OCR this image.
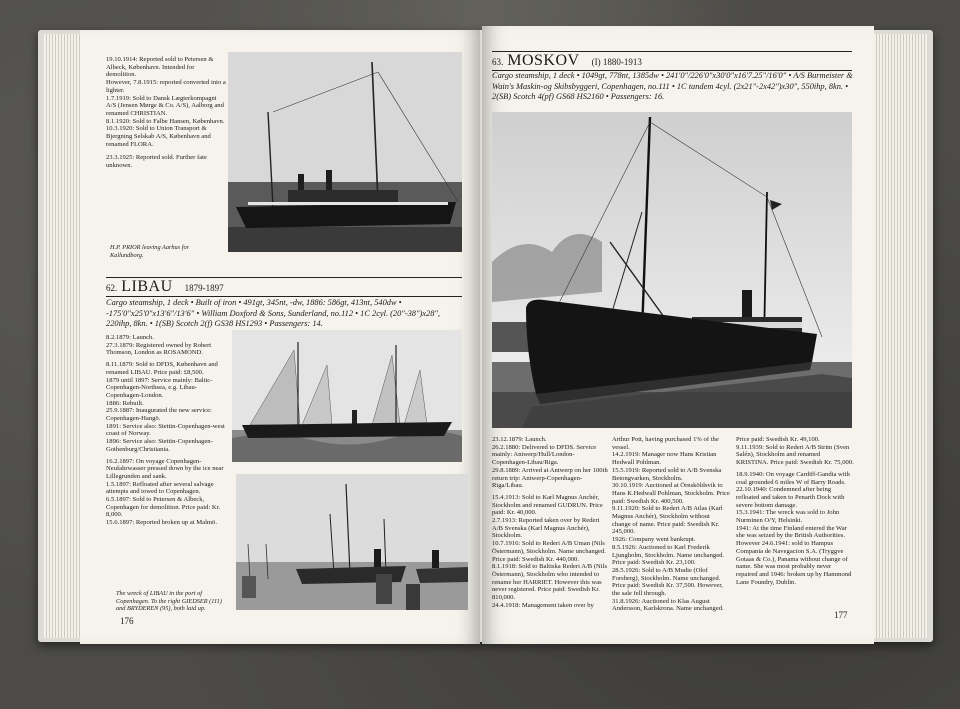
19.10.1914: Reported sold to Petersen & Albeck, København. Intended for demolition.

However, 7.8.1915: reported converted into a lighter.

1.7.1919: Sold to Dansk Lægterkompagni A/S (Jensen Mørge & Co. A/S), Aalborg and renamed CHRISTIAN.

8.1.1920: Sold to Falbe Hansen, København.

10.3.1920: Sold to Union Transport & Bjergning Selskab A/S, København and renamed FLORA.

23.3.1925: Reported sold. Further fate unknown.

H.P. PRIOR leaving Aarhus for Kallundborg.
62. LIBAU 1879-1897
Cargo steamship, 1 deck • Built of iron • 491gt, 345nt, -dw, 1886: 586gt, 413nt, 540dw • -175'0"x25'0"x13'6"/13'6" • William Doxford & Sons, Sunderland, no.112 • 1C 2cyl. (20"-38")x28", 220ihp, 8kn. • 1(SB) Scotch 2(f) GS38 HS1293 • Passengers: 14.

8.2.1879: Launch.

27.3.1879: Registered owned by Robert Thomson, London as ROSAMOND.

8.11.1879: Sold to DFDS, København and renamed LIBAU. Price paid: £8,500.

1879 until 1897: Service mainly: Baltic-Copenhagen-Northsea, e.g. Libau-Copenhagen-London.

1886: Rebuilt.

25.9.1887: Inaugurated the new service: Copenhagen-Hangö.

1891: Service also: Stettin-Copenhagen-west coast of Norway.

1896: Service also: Stettin-Copenhagen-Gothenburg/Christiania.

16.2.1897: On voyage Copenhagen-Neufahrwasser pressed down by the ice near Lillegrunden and sank.

1.5.1897: Refloated after several salvage attempts and towed to Copenhagen.

6.5.1897: Sold to Petersen & Albeck, Copenhagen for demolition. Price paid: Kr. 8,000.

15.6.1897: Reported broken up at Malmö.

The wreck of LIBAU in the port of Copenhagen. To the right GIEDSER (111) and BRYDEREN (95), both laid up.
176
63. MOSKOV (I) 1880-1913
Cargo steamship, 1 deck • 1049gt, 778nt, 1385dw • 241'0"/226'0"x30'0"x16'7.25"/16'0" • A/S Burmeister & Wain's Maskin-og Skibsbyggeri, Copenhagen, no.111 • 1C tandem 4cyl. (2x21"-2x42")x30", 550ihp, 8kn. • 2(SB) Scotch 4(pf) GS68 HS2160 • Passengers: 16.

23.12.1879: Launch.

26.2.1880: Delivered to DFDS. Service mainly: Antwerp/Hull/London-Copenhagen-Libau/Riga.

29.8.1889: Arrived at Antwerp on her 100th return trip: Antwerp-Copenhagen-Riga/Libau.

15.4.1913: Sold to Karl Magnus Anchér, Stockholm and renamed GUDRUN. Price paid: Kr. 40,000.

2.7.1913: Reported taken over by Rederi A/B Svenska (Karl Magnus Anchér), Stockholm.

10.7.1916: Sold to Rederi A/B Uman (Nils Östermann), Stockholm. Name unchanged. Price paid: Swedish Kr. 440,000.

8.1.1918: Sold to Baltiska Rederi A/B (Nils Östermann), Stockholm who intended to rename her HARRIET. However this was never registered. Price paid: Swedish Kr. 810,000.

24.4.1918: Management taken over by

Arthur Pott, having purchased 1% of the vessel.

14.2.1919: Manager now Hans Kristian Hedwall Pohlman.

15.5.1919: Reported sold to A/B Svenska Betongvarken, Stockholm.

30.10.1919: Auctioned at Örnsköldsvik to Hans K.Hedwall Pohlman, Stockholm. Price paid: Swedish Kr. 400,500.

9.11.1920: Sold to Rederi A/B Atlas (Karl Magnus Anchér), Stockholm without change of name. Price paid: Swedish Kr. 245,000.

1926: Company went bankrupt.

8.5.1926: Auctioned to Karl Frederik Ljungholm, Stockholm. Name unchanged. Price paid: Swedish Kr. 23,100.

28.5.1926: Sold to A/B Mudie (Olof Forsberg), Stockholm. Name unchanged. Price paid: Swedish Kr. 37,500. However, the sale fell through.

31.8.1926: Auctioned to Klas August Andersson, Karlskrona. Name unchanged.

Price paid: Swedish Kr. 49,100.

9.11.1939: Sold to Rederi A/B Strim (Sven Salén), Stockholm and renamed KRISTINA. Price paid: Swedish Kr. 75,000.

18.9.1940: On voyage Cardiff-Gandia with coal grounded 6 miles W of Barry Roads.

22.10.1940: Condemned after being refloated and taken to Penarth Dock with severe bottom damage.

15.3.1941: The wreck was sold to John Nurminen O/Y, Helsinki.

1941: At the time Finland entered the War she was seized by the British Authorities.

However 24.6.1941: sold to Hampus Compania de Navegacion S.A. (Tryggve Gotaas & Co.), Panama without change of name. She was most probably never repaired and 1946: broken up by Hammond Lane Foundry, Dublin.

177
